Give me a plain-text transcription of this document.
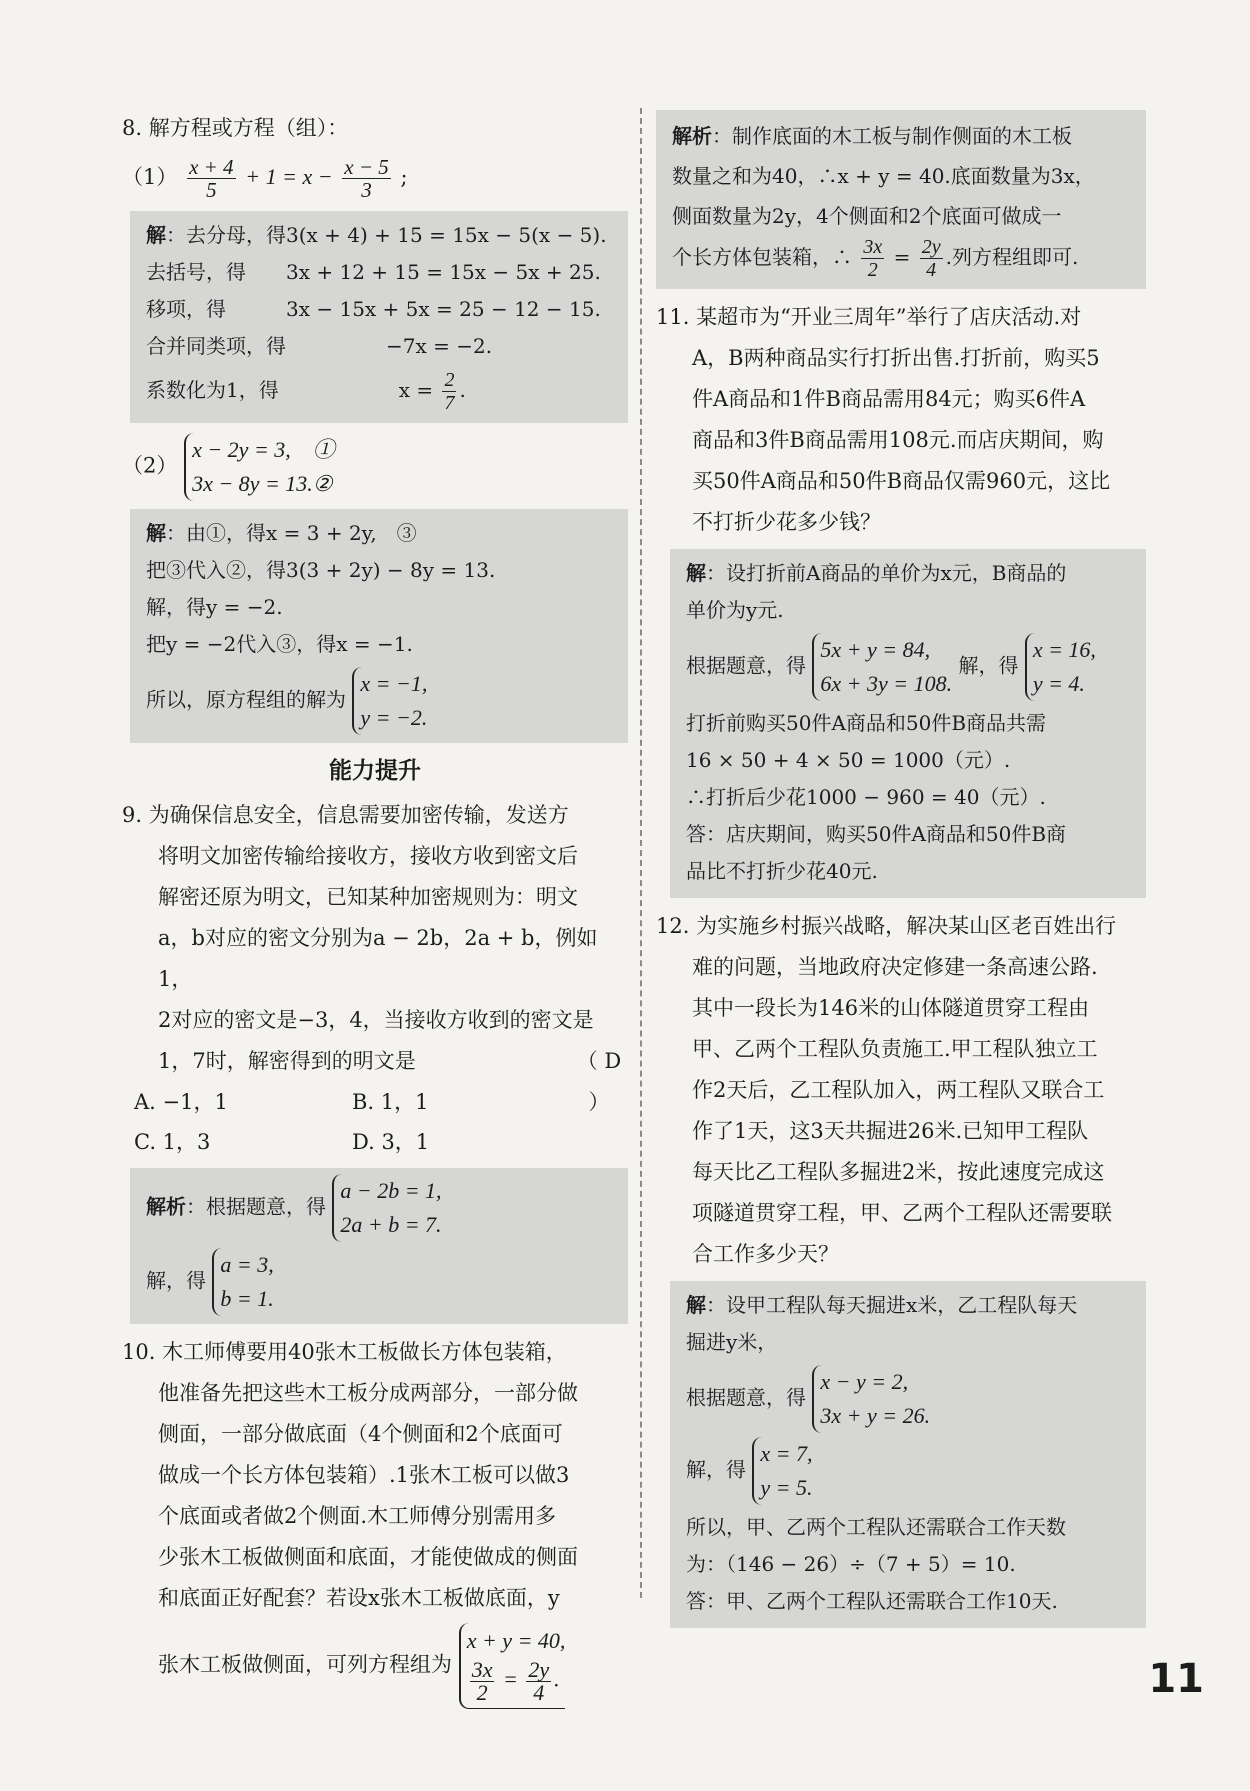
8. 解方程或方程（组）：
$(1) \frac{x + 4}{5} + 1 = x - \frac{x - 5}{3}$ ;
解：去分母，得3(x + 4) + 15 = 15x − 5(x − 5).
去括号，得　　3x + 12 + 15 = 15x − 5x + 25.
移项，得　　　3x − 15x + 5x = 25 − 12 − 15.
合并同类项，得　　　　　−7x = −2.
系数化为1，得　　　　　　$x = \frac{2}{7}$ .
（2） x − 2y = 3,　①
3x − 8y = 13.②
解：由①，得x = 3 + 2y,　③
把③代入②，得3(3 + 2y) − 8y = 13.
解，得y = −2.
把y = −2代入③，得x = −1.
所以，原方程组的解为 x = −1,
y = −2.
能力提升
9. 为确保信息安全，信息需要加密传输，发送方
将明文加密传输给接收方，接收方收到密文后
解密还原为明文，已知某种加密规则为：明文
a，b对应的密文分别为a − 2b，2a + b，例如1，
2对应的密文是−3，4，当接收方收到的密文是
1，7时，解密得到的明文是	（ D ）
A. −1，1	B. 1，1
C. 1，3	D. 3，1
解析：根据题意，得 a − 2b = 1,
2a + b = 7.
解，得 a = 3,
b = 1.
10. 木工师傅要用40张木工板做长方体包装箱，
他准备先把这些木工板分成两部分，一部分做
侧面，一部分做底面（4个侧面和2个底面可
做成一个长方体包装箱）.1张木工板可以做3
个底面或者做2个侧面.木工师傅分别需用多
少张木工板做侧面和底面，才能使做成的侧面
和底面正好配套？若设x张木工板做底面，y
张木工板做侧面，可列方程组为 x + y = 40,

$\frac{3x}{2} = \frac{2y}{4}$ .
解析：制作底面的木工板与制作侧面的木工板
数量之和为40，∴x + y = 40.底面数量为3x，
侧面数量为2y，4个侧面和2个底面可做成一
个长方体包装箱，∴ $\frac{3x}{2} = \frac{2y}{4}$ .列方程组即可.
11. 某超市为“开业三周年”举行了店庆活动.对
A，B两种商品实行打折出售.打折前，购买5
件A商品和1件B商品需用84元；购买6件A
商品和3件B商品需用108元.而店庆期间，购
买50件A商品和50件B商品仅需960元，这比
不打折少花多少钱？
解：设打折前A商品的单价为x元，B商品的
单价为y元.
根据题意，得 5x + y = 84,
6x + 3y = 108. 解，得 x = 16,
y = 4.
打折前购买50件A商品和50件B商品共需
16 × 50 + 4 × 50 = 1000（元）.
∴打折后少花1000 − 960 = 40（元）.
答：店庆期间，购买50件A商品和50件B商
品比不打折少花40元.
12. 为实施乡村振兴战略，解决某山区老百姓出行
难的问题，当地政府决定修建一条高速公路.
其中一段长为146米的山体隧道贯穿工程由
甲、乙两个工程队负责施工.甲工程队独立工
作2天后，乙工程队加入，两工程队又联合工
作了1天，这3天共掘进26米.已知甲工程队
每天比乙工程队多掘进2米，按此速度完成这
项隧道贯穿工程，甲、乙两个工程队还需要联
合工作多少天？
解：设甲工程队每天掘进x米，乙工程队每天
掘进y米，
根据题意，得 x − y = 2,
3x + y = 26.
解，得 x = 7,
y = 5.
所以，甲、乙两个工程队还需联合工作天数
为：（146 − 26）÷（7 + 5）= 10.
答：甲、乙两个工程队还需联合工作10天.
11
